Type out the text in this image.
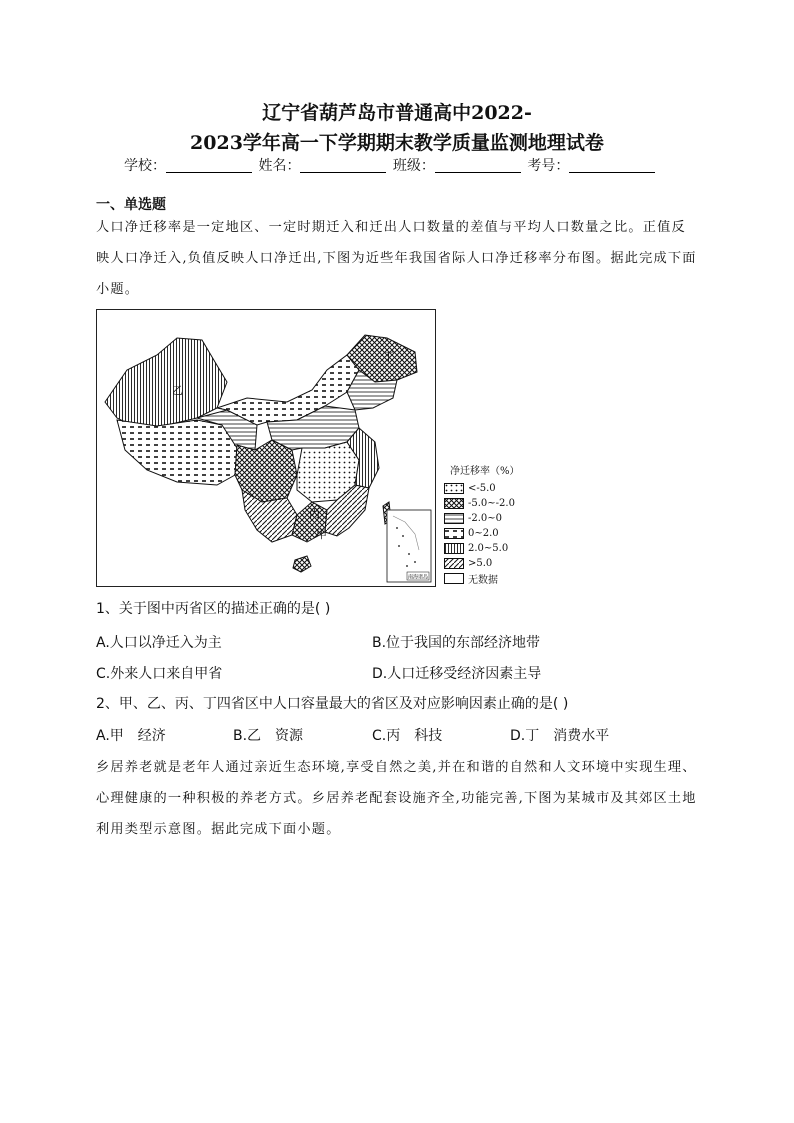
辽宁省葫芦岛市普通高中2022-
2023学年高一下学期期末教学质量监测地理试卷
学校：	姓名：	班级：	考号：
一、单选题
人口净迁移率是一定地区、一定时期迁入和迁出人口数量的差值与平均人口数量之比。正值反映人口净迁入,负值反映人口净迁出,下图为近些年我国省际人口净迁移率分布图。据此完成下面小题。
南海诸岛
乙
丁
丙
甲
净迁移率（%）
<-5.0
-5.0~-2.0
-2.0~0
0~2.0
2.0~5.0
>5.0
无数据
1、关于图中丙省区的描述正确的是( )
A.人口以净迁入为主	B.位于我国的东部经济地带
C.外来人口来自甲省	D.人口迁移受经济因素主导
2、甲、乙、丙、丁四省区中人口容量最大的省区及对应影响因素止确的是( )
A.甲　经济	B.乙　资源	C.丙　科技	D.丁　消费水平
乡居养老就是老年人通过亲近生态环境,享受自然之美,并在和谐的自然和人文环境中实现生理、心理健康的一种积极的养老方式。乡居养老配套设施齐全,功能完善,下图为某城市及其郊区土地利用类型示意图。据此完成下面小题。
